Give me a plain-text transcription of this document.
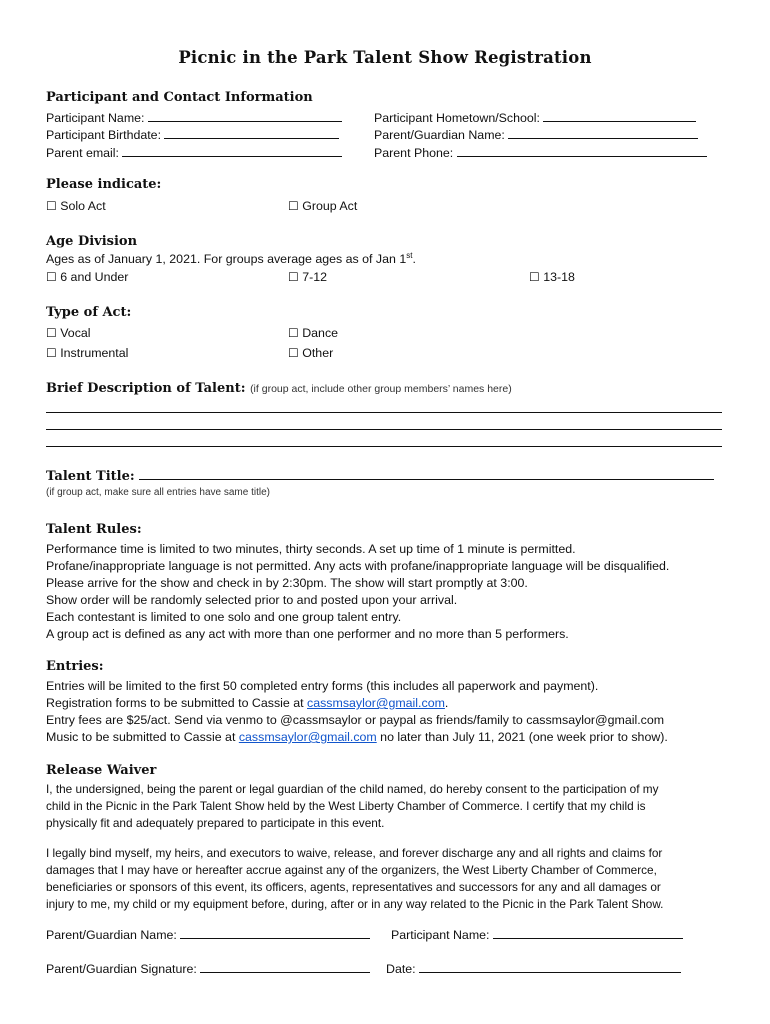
Picnic in the Park Talent Show Registration
Participant and Contact Information
Participant Name:	Participant Hometown/School:
Participant Birthdate:	Parent/Guardian Name:
Parent email:	Parent Phone:
Please indicate:
☐ Solo Act	☐ Group Act
Age Division
Ages as of January 1, 2021. For groups average ages as of Jan 1st.
☐ 6 and Under	☐ 7-12	☐ 13-18
Type of Act:
☐ Vocal	☐ Dance
☐ Instrumental	☐ Other
Brief Description of Talent: (if group act, include other group members’ names here)
Talent Title:
(if group act, make sure all entries have same title)
Talent Rules:
Performance time is limited to two minutes, thirty seconds. A set up time of 1 minute is permitted.
Profane/inappropriate language is not permitted. Any acts with profane/inappropriate language will be disqualified.
Please arrive for the show and check in by 2:30pm. The show will start promptly at 3:00.
Show order will be randomly selected prior to and posted upon your arrival.
Each contestant is limited to one solo and one group talent entry.
A group act is defined as any act with more than one performer and no more than 5 performers.
Entries:
Entries will be limited to the first 50 completed entry forms (this includes all paperwork and payment).
Registration forms to be submitted to Cassie at cassmsaylor@gmail.com.
Entry fees are $25/act. Send via venmo to @cassmsaylor or paypal as friends/family to cassmsaylor@gmail.com
Music to be submitted to Cassie at cassmsaylor@gmail.com no later than July 11, 2021 (one week prior to show).
Release Waiver
I, the undersigned, being the parent or legal guardian of the child named, do hereby consent to the participation of my
child in the Picnic in the Park Talent Show held by the West Liberty Chamber of Commerce. I certify that my child is
physically fit and adequately prepared to participate in this event.
I legally bind myself, my heirs, and executors to waive, release, and forever discharge any and all rights and claims for
damages that I may have or hereafter accrue against any of the organizers, the West Liberty Chamber of Commerce,
beneficiaries or sponsors of this event, its officers, agents, representatives and successors for any and all damages or
injury to me, my child or my equipment before, during, after or in any way related to the Picnic in the Park Talent Show.
Parent/Guardian Name:	Participant Name:
Parent/Guardian Signature:	Date:
